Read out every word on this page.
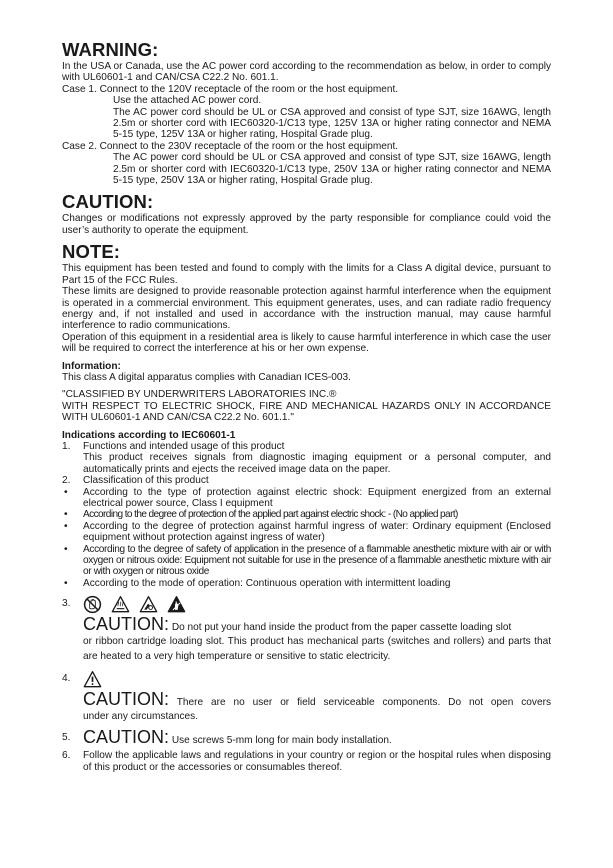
WARNING:

In the USA or Canada, use the AC power cord according to the recommendation as below, in order to comply with UL60601-1 and CAN/CSA C22.2 No. 601.1.

Case 1. Connect to the 120V receptacle of the room or the host equipment.
Use the attached AC power cord.
The AC power cord should be UL or CSA approved and consist of type SJT, size 16AWG, length 2.5m or shorter cord with IEC60320-1/C13 type, 125V 13A or higher rating connector and NEMA 5-15 type, 125V 13A or higher rating, Hospital Grade plug.
Case 2. Connect to the 230V receptacle of the room or the host equipment.
The AC power cord should be UL or CSA approved and consist of type SJT, size 16AWG, length 2.5m or shorter cord with IEC60320-1/C13 type, 250V 13A or higher rating connector and NEMA 5-15 type, 250V 13A or higher rating, Hospital Grade plug.
CAUTION:

Changes or modifications not expressly approved by the party responsible for compliance could void the user’s authority to operate the equipment.

NOTE:

This equipment has been tested and found to comply with the limits for a Class A digital device, pursuant to Part 15 of the FCC Rules.

These limits are designed to provide reasonable protection against harmful interference when the equipment is operated in a commercial environment. This equipment generates, uses, and can radiate radio frequency energy and, if not installed and used in accordance with the instruction manual, may cause harmful interference to radio communications.

Operation of this equipment in a residential area is likely to cause harmful interference in which case the user will be required to correct the interference at his or her own expense.

Information:

This class A digital apparatus complies with Canadian ICES-003.

"CLASSIFIED BY UNDERWRITERS LABORATORIES INC.®

WITH RESPECT TO ELECTRIC SHOCK, FIRE AND MECHANICAL HAZARDS ONLY IN ACCORDANCE WITH UL60601-1 AND CAN/CSA C22.2 No. 601.1."

Indications according to IEC60601-1
1.	Functions and intended usage of this product
This product receives signals from diagnostic imaging equipment or a personal computer, and automatically prints and ejects the received image data on the paper.
2.	Classification of this product
•	According to the type of protection against electric shock: Equipment energized from an external electrical power source, Class I equipment
•	According to the degree of protection of the applied part against electric shock: - (No applied part)
•	According to the degree of protection against harmful ingress of water: Ordinary equipment (Enclosed equipment without protection against ingress of water)
•	According to the degree of safety of application in the presence of a flammable anesthetic mixture with air or with oxygen or nitrous oxide: Equipment not suitable for use in the presence of a flammable anesthetic mixture with air or with oxygen or nitrous oxide
•	According to the mode of operation: Continuous operation with intermittent loading
3.
CAUTION: Do not put your hand inside the product from the paper cassette loading slot
or ribbon cartridge loading slot. This product has mechanical parts (switches and rollers) and parts that are heated to a very high temperature or sensitive to static electricity.
4.
CAUTION: There are no user or field serviceable components. Do not open covers
under any circumstances.
5. CAUTION: Use screws 5-mm long for main body installation.
6.	Follow the applicable laws and regulations in your country or region or the hospital rules when disposing of this product or the accessories or consumables thereof.
